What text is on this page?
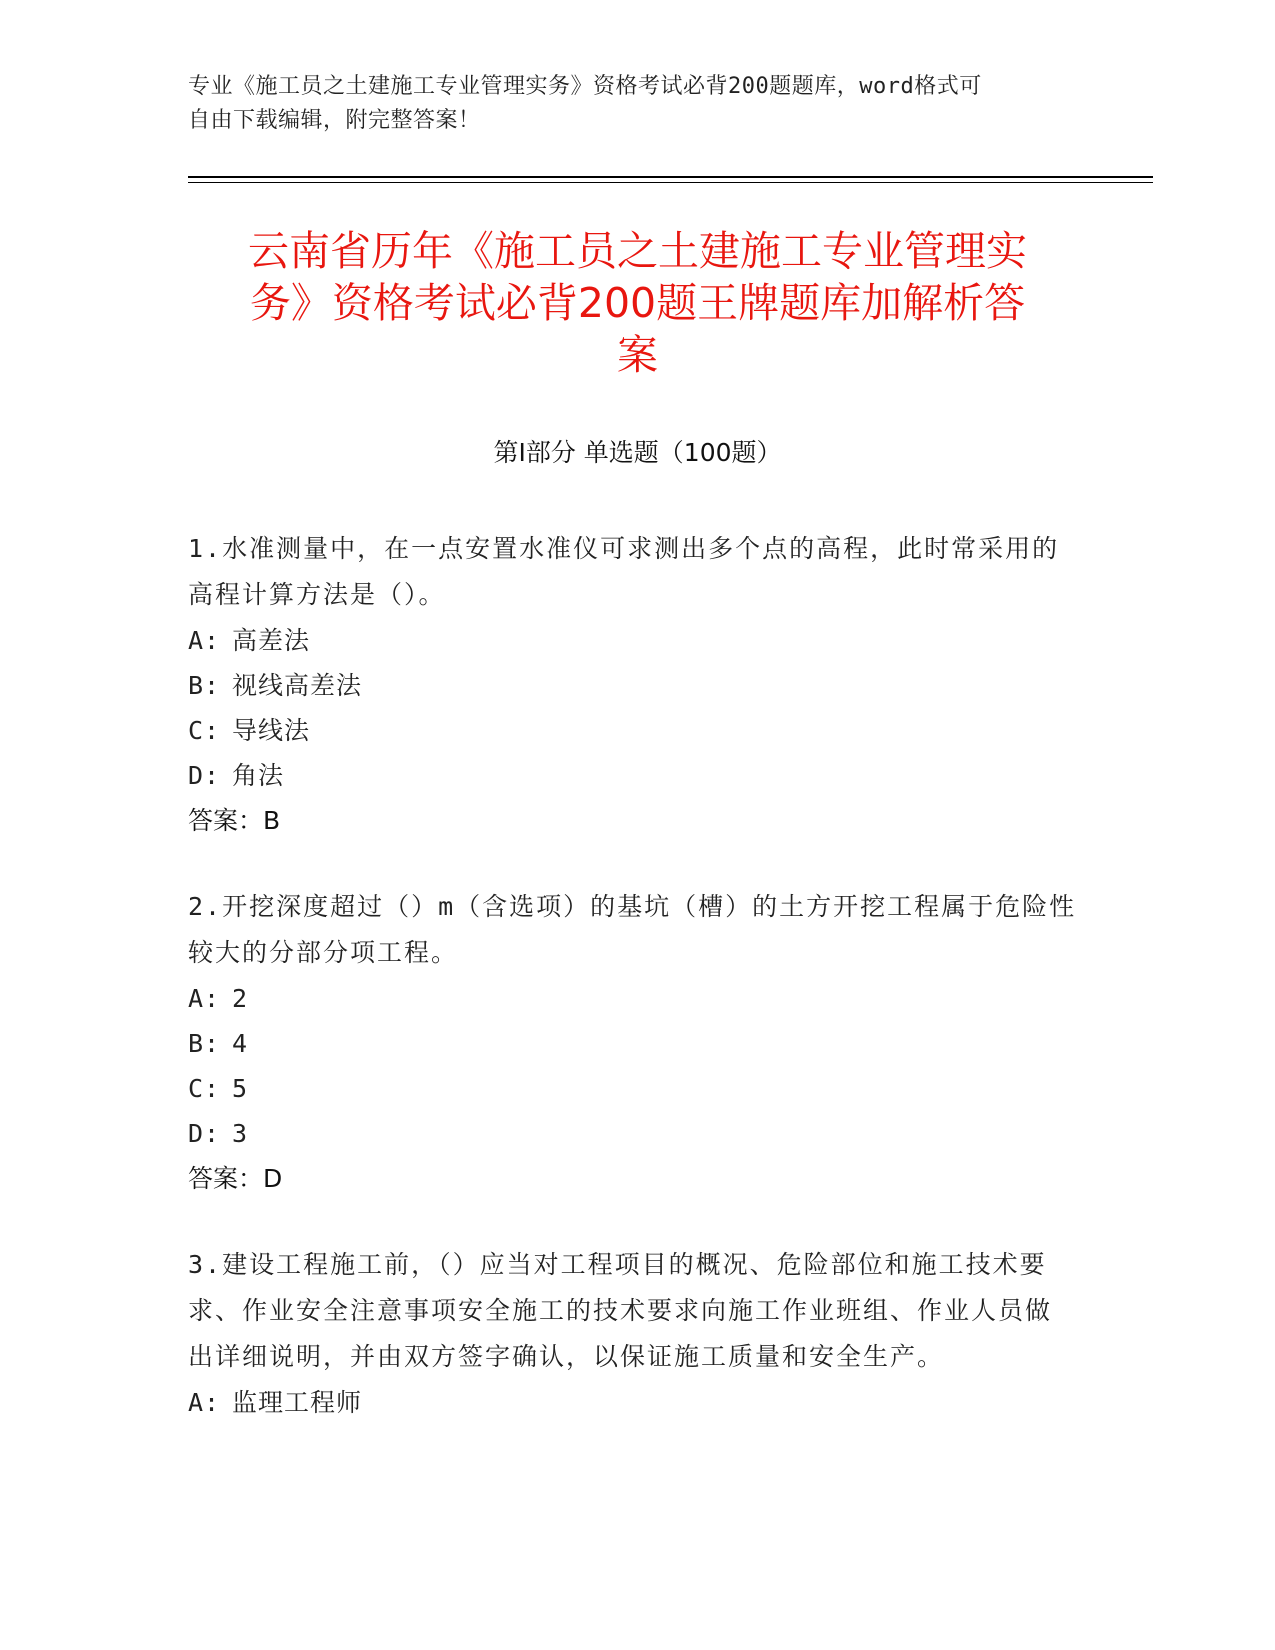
专业《施工员之土建施工专业管理实务》资格考试必背200题题库，word格式可
自由下载编辑，附完整答案！
云南省历年《施工员之土建施工专业管理实
务》资格考试必背200题王牌题库加解析答
案
第Ⅰ部分 单选题（100题）
1.水准测量中，在一点安置水准仪可求测出多个点的高程，此时常采用的高程计算方法是（）。
A: 高差法
B: 视线高差法
C: 导线法
D: 角法
答案：B
2.开挖深度超过（）m（含选项）的基坑（槽）的土方开挖工程属于危险性较大的分部分项工程。
A: 2
B: 4
C: 5
D: 3
答案：D
3.建设工程施工前，（）应当对工程项目的概况、危险部位和施工技术要求、作业安全注意事项安全施工的技术要求向施工作业班组、作业人员做出详细说明，并由双方签字确认，以保证施工质量和安全生产。
A: 监理工程师
